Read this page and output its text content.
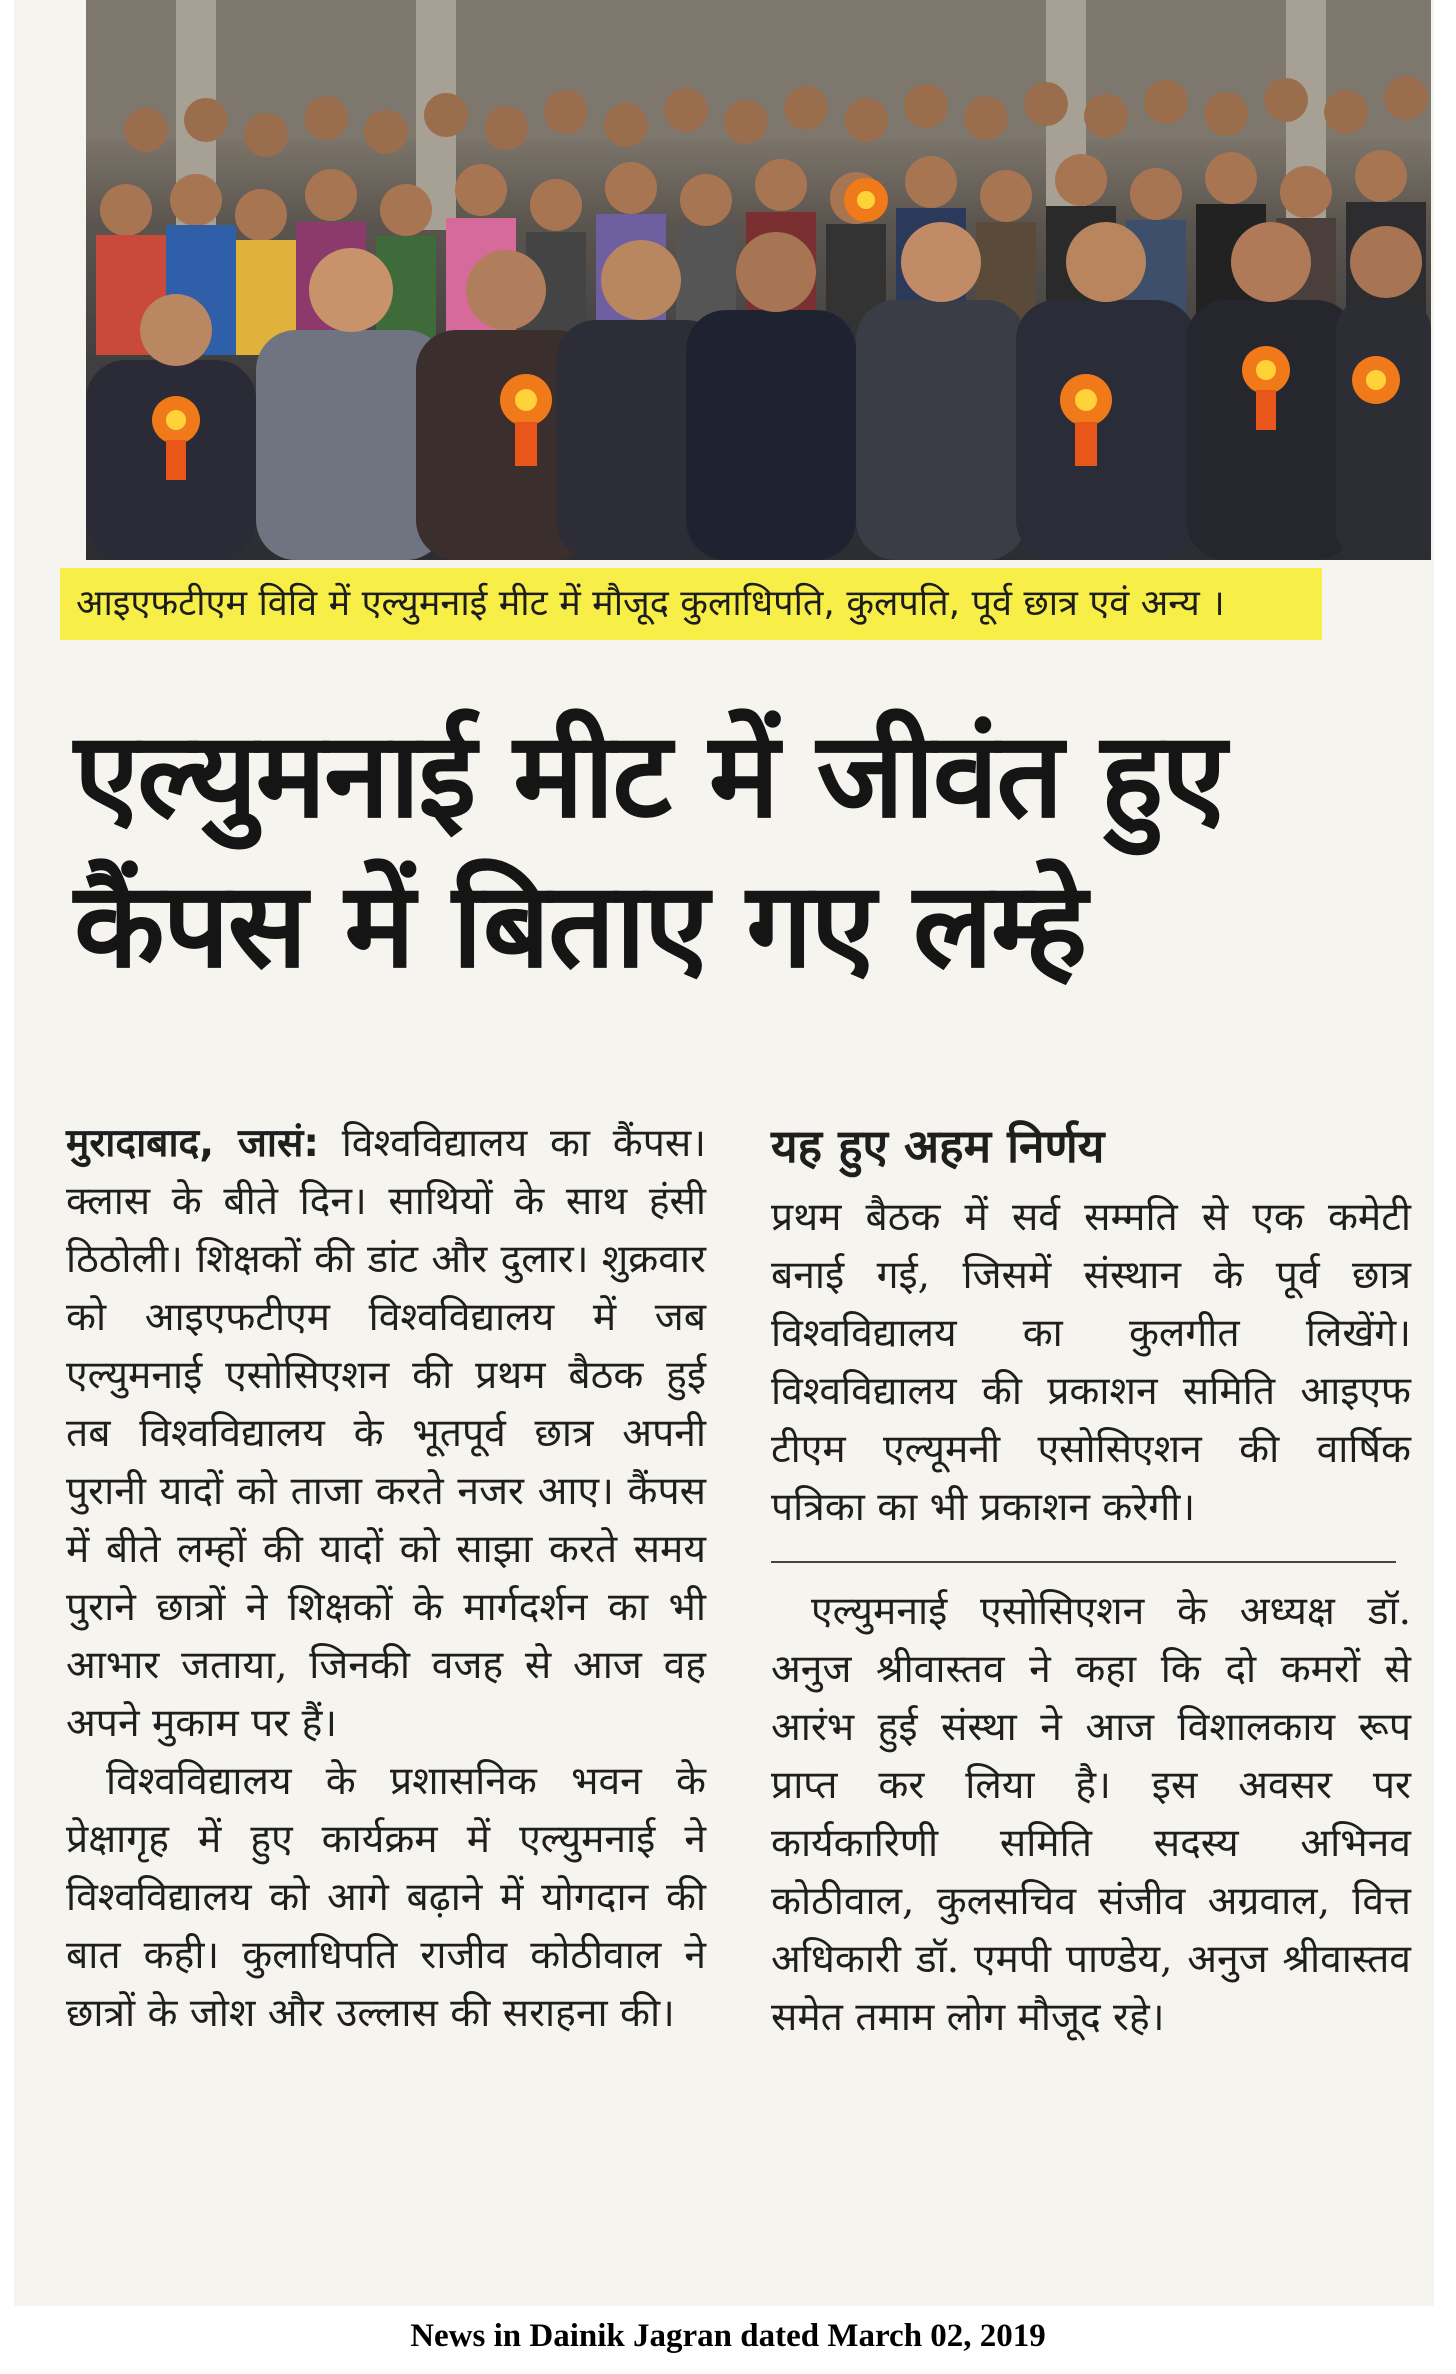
आइएफटीएम विवि में एल्युमनाई मीट में मौजूद कुलाधिपति, कुलपति, पूर्व छात्र एवं अन्य ।
एल्युमनाई मीट में जीवंत हुए
कैंपस में बिताए गए लम्हे

मुरादाबाद, जासं: विश्वविद्यालय का कैंपस। क्लास के बीते दिन। साथियों के साथ हंसी ठिठोली। शिक्षकों की डांट और दुलार। शुक्रवार को आइएफटीएम विश्वविद्यालय में जब एल्युमनाई एसोसिएशन की प्रथम बैठक हुई तब विश्वविद्यालय के भूतपूर्व छात्र अपनी पुरानी यादों को ताजा करते नजर आए। कैंपस में बीते लम्हों की यादों को साझा करते समय पुराने छात्रों ने शिक्षकों के मार्गदर्शन का भी आभार जताया, जिनकी वजह से आज वह अपने मुकाम पर हैं।

विश्वविद्यालय के प्रशासनिक भवन के प्रेक्षागृह में हुए कार्यक्रम में एल्युमनाई ने विश्वविद्यालय को आगे बढ़ाने में योगदान की बात कही। कुलाधिपति राजीव कोठीवाल ने छात्रों के जोश और उल्लास की सराहना की।

यह हुए अहम निर्णय

प्रथम बैठक में सर्व सम्मति से एक कमेटी बनाई गई, जिसमें संस्थान के पूर्व छात्र विश्वविद्यालय का कुलगीत लिखेंगे। विश्वविद्यालय की प्रकाशन समिति आइएफ टीएम एल्यूमनी एसोसिएशन की वार्षिक पत्रिका का भी प्रकाशन करेगी।

एल्युमनाई एसोसिएशन के अध्यक्ष डॉ. अनुज श्रीवास्तव ने कहा कि दो कमरों से आरंभ हुई संस्था ने आज विशालकाय रूप प्राप्त कर लिया है। इस अवसर पर कार्यकारिणी समिति सदस्य अभिनव कोठीवाल, कुलसचिव संजीव अग्रवाल, वित्त अधिकारी डॉ. एमपी पाण्डेय, अनुज श्रीवास्तव समेत तमाम लोग मौजूद रहे।

News in Dainik Jagran dated March 02, 2019
